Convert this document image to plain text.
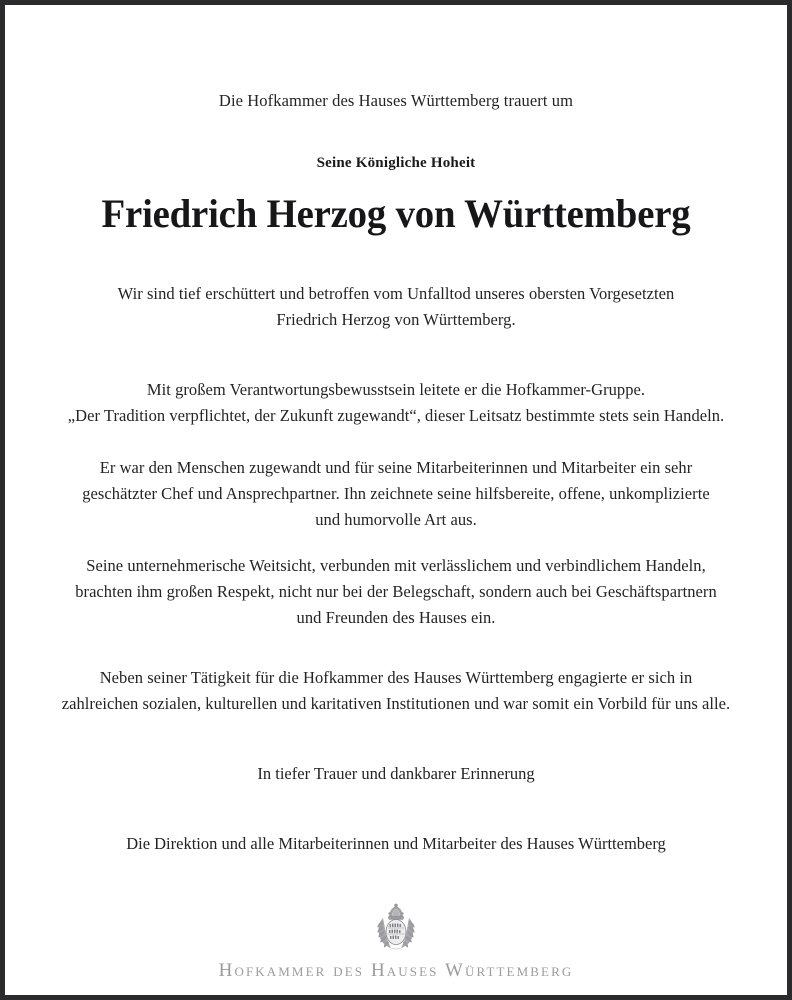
Die Hofkammer des Hauses Württemberg trauert um
Seine Königliche Hoheit
Friedrich Herzog von Württemberg

Wir sind tief erschüttert und betroffen vom Unfalltod unseres obersten Vorgesetzten

Friedrich Herzog von Württemberg.

Mit großem Verantwortungsbewusstsein leitete er die Hofkammer-Gruppe.

„Der Tradition verpflichtet, der Zukunft zugewandt“, dieser Leitsatz bestimmte stets sein Handeln.

Er war den Menschen zugewandt und für seine Mitarbeiterinnen und Mitarbeiter ein sehr

geschätzter Chef und Ansprechpartner. Ihn zeichnete seine hilfsbereite, offene, unkomplizierte

und humorvolle Art aus.

Seine unternehmerische Weitsicht, verbunden mit verlässlichem und verbindlichem Handeln,

brachten ihm großen Respekt, nicht nur bei der Belegschaft, sondern auch bei Geschäftspartnern

und Freunden des Hauses ein.

Neben seiner Tätigkeit für die Hofkammer des Hauses Württemberg engagierte er sich in

zahlreichen sozialen, kulturellen und karitativen Institutionen und war somit ein Vorbild für uns alle.

In tiefer Trauer und dankbarer Erinnerung
Die Direktion und alle Mitarbeiterinnen und Mitarbeiter des Hauses Württemberg
Hofkammer des Hauses Württemberg
